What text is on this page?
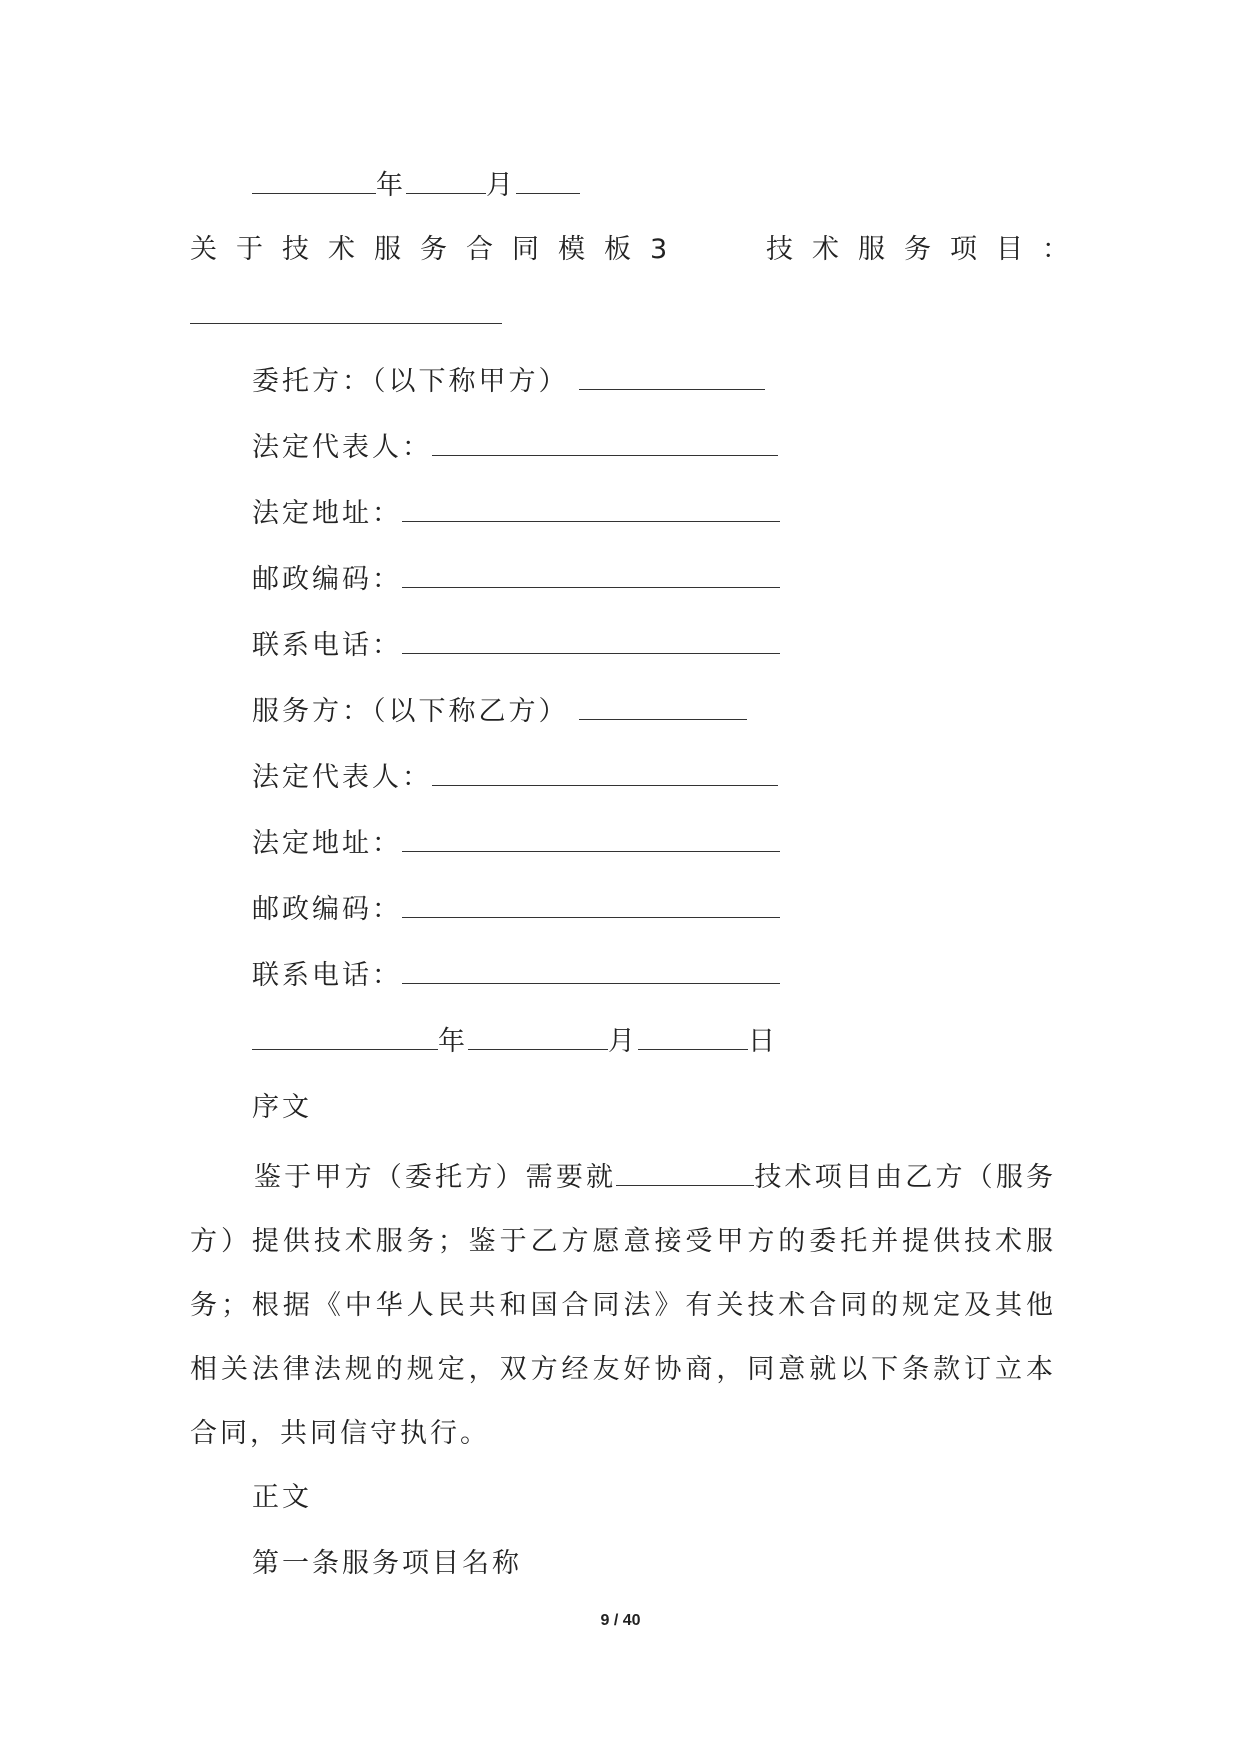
年	月
关于技术服务合同模板3	技术服务项目：
委托方：（以下称甲方）
法定代表人：
法定地址：
邮政编码：
联系电话：
服务方：（以下称乙方）
法定代表人：
法定地址：
邮政编码：
联系电话：
年	月	日
序文
鉴于甲方（委托方）需要就	技术项目由乙方（服务方）提供技术服务；鉴于乙方愿意接受甲方的委托并提供技术服务；根据《中华人民共和国合同法》有关技术合同的规定及其他相关法律法规的规定，双方经友好协商，同意就以下条款订立本合同，共同信守执行。
正文
第一条服务项目名称
9 / 40
